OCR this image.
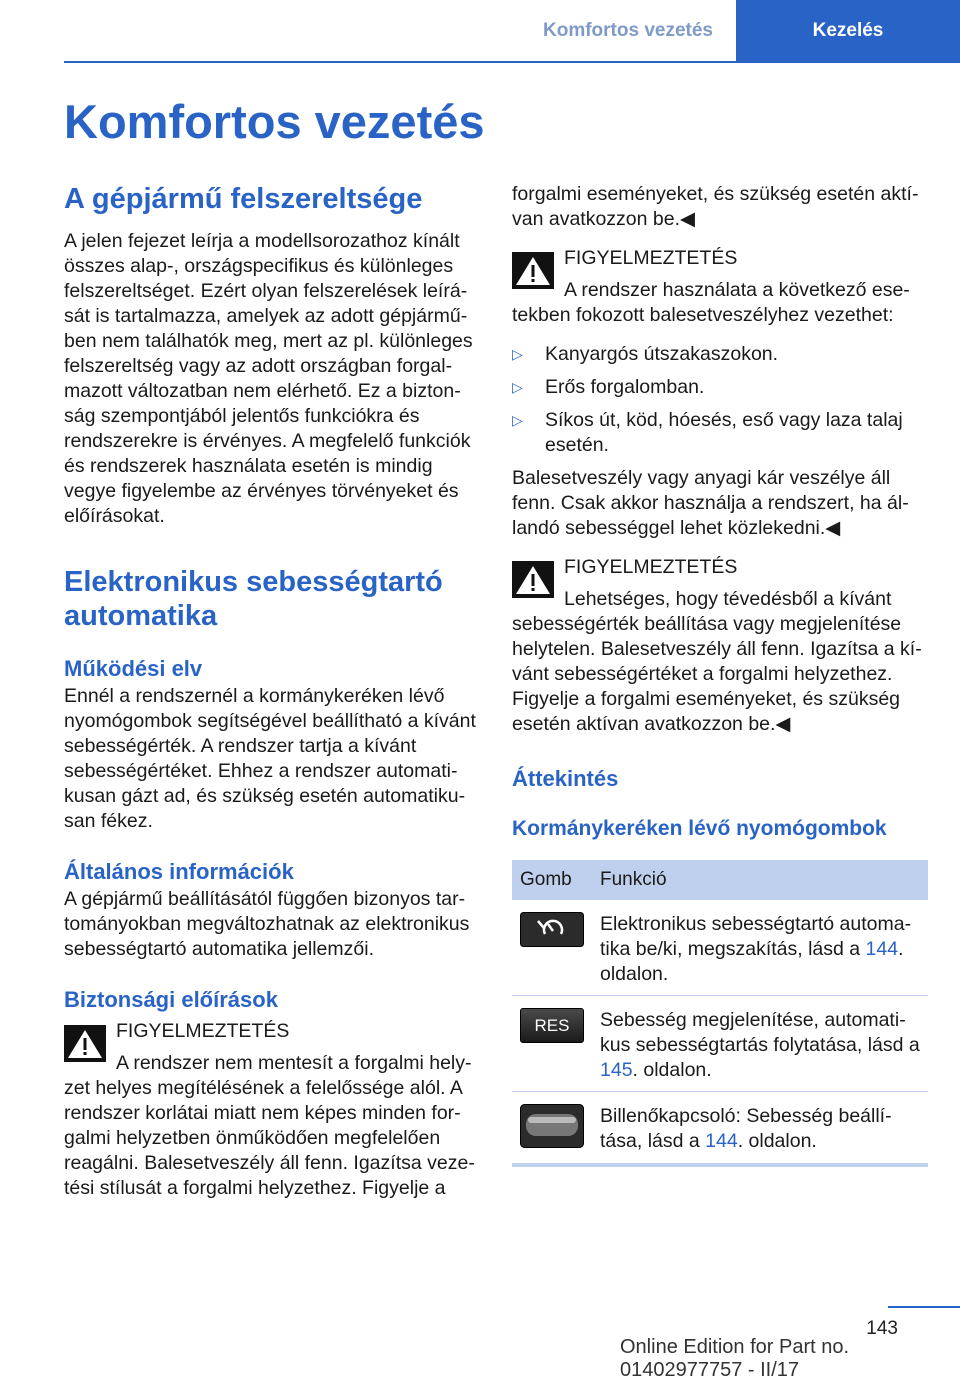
Komfortos vezetés	Kezelés
Komfortos vezetés
A gépjármű felszereltsége

A jelen fejezet leírja a modellsorozathoz kínált összes alap-, országspecifikus és különleges felszereltséget. Ezért olyan felszerelések leírását is tartalmazza, amelyek az adott gépjárműben nem találhatók meg, mert az pl. különleges felszereltség vagy az adott országban forgalmazott változatban nem elérhető. Ez a biztonság szempontjából jelentős funkciókra és rendszerekre is érvényes. A megfelelő funkciók és rendszerek használata esetén is mindig vegye figyelembe az érvényes törvényeket és előírásokat.

Elektronikus sebességtartó automatika
Működési elv

Ennél a rendszernél a kormánykeréken lévő nyomógombok segítségével beállítható a kívánt sebességérték. A rendszer tartja a kívánt sebességértéket. Ehhez a rendszer automatikusan gázt ad, és szükség esetén automatikusan fékez.

Általános információk

A gépjármű beállításától függően bizonyos tartományokban megváltozhatnak az elektronikus sebességtartó automatika jellemzői.

Biztonsági előírások

FIGYELMEZTETÉS

A rendszer nem mentesít a forgalmi helyzet helyes megítélésének a felelőssége alól. A rendszer korlátai miatt nem képes minden forgalmi helyzetben önműködően megfelelően reagálni. Balesetveszély áll fenn. Igazítsa vezetési stílusát a forgalmi helyzethez. Figyelje a

forgalmi eseményeket, és szükség esetén aktívan avatkozzon be.◀

FIGYELMEZTETÉS

A rendszer használata a következő esetekben fokozott balesetveszélyhez vezethet:

▷ Kanyargós útszakaszokon.
▷ Erős forgalomban.
▷ Síkos út, köd, hóesés, eső vagy laza talaj esetén.

Balesetveszély vagy anyagi kár veszélye áll fenn. Csak akkor használja a rendszert, ha állandó sebességgel lehet közlekedni.◀

FIGYELMEZTETÉS

Lehetséges, hogy tévedésből a kívánt sebességérték beállítása vagy megjelenítése helytelen. Balesetveszély áll fenn. Igazítsa a kívánt sebességértéket a forgalmi helyzethez. Figyelje a forgalmi eseményeket, és szükség esetén aktívan avatkozzon be.◀

Áttekintés
Kormánykeréken lévő nyomógombok
Gomb	Funkció
	Elektronikus sebességtartó automatika be/ki, megszakítás, lásd a 144. oldalon.

RES	Sebesség megjelenítése, automatikus sebességtartás folytatása, lásd a 145. oldalon.
	Billenőkapcsoló: Sebesség beállítása, lásd a 144. oldalon.
143
Online Edition for Part no. 01402977757 - II/17
